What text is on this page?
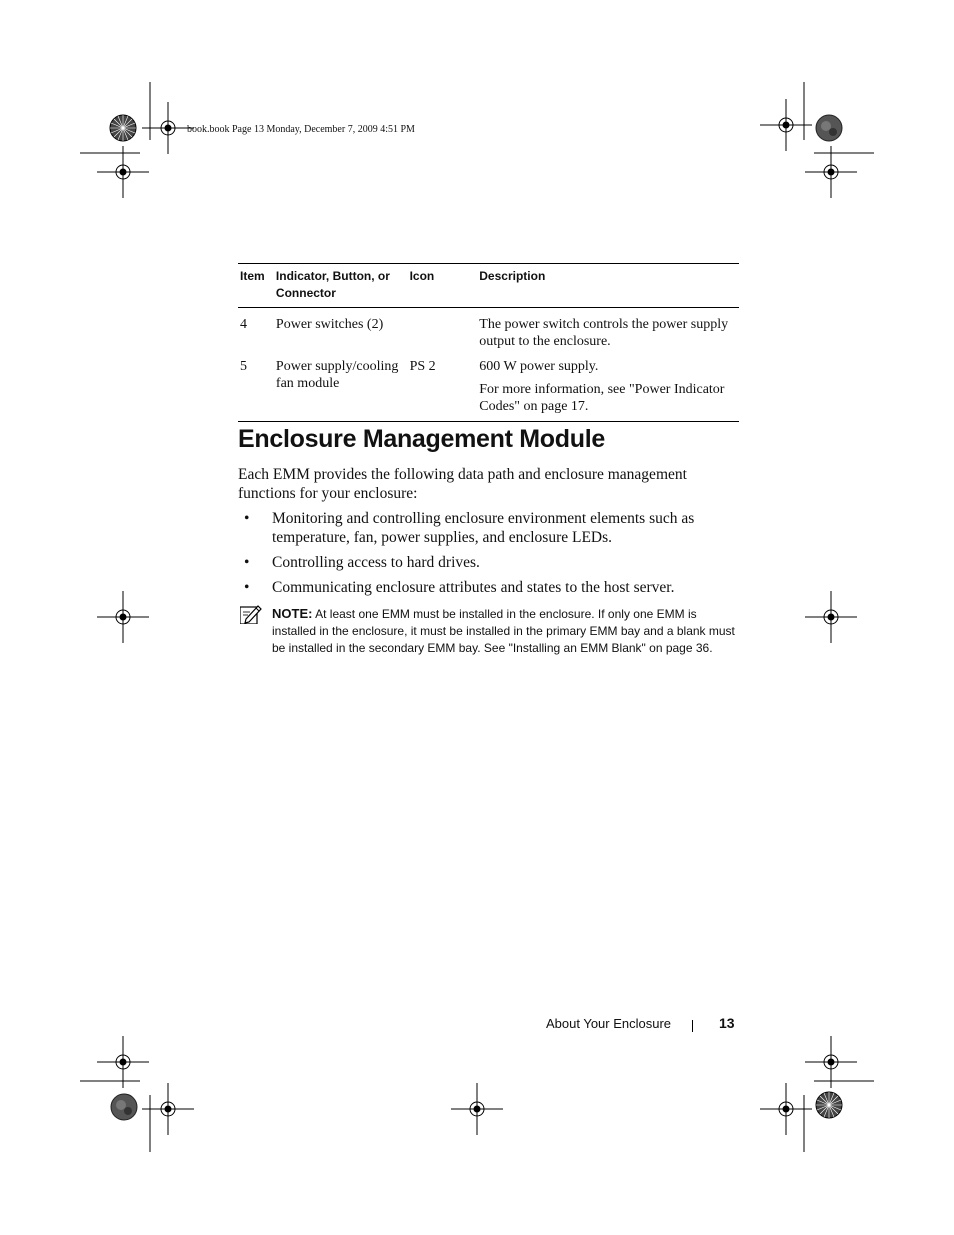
book.book Page 13 Monday, December 7, 2009 4:51 PM
Item	Indicator, Button, or Connector	Icon	Description
4	Power switches (2)		The power switch controls the power supply output to the enclosure.

5	Power supply/cooling fan module	PS 2	600 W power supply.

For more information, see "Power Indicator Codes" on page 17.

Enclosure Management Module
Each EMM provides the following data path and enclosure management functions for your enclosure:
• Monitoring and controlling enclosure environment elements such as temperature, fan, power supplies, and enclosure LEDs.
• Controlling access to hard drives.
• Communicating enclosure attributes and states to the host server.
NOTE: At least one EMM must be installed in the enclosure. If only one EMM is installed in the enclosure, it must be installed in the primary EMM bay and a blank must be installed in the secondary EMM bay. See "Installing an EMM Blank" on page 36.
About Your Enclosure	13
